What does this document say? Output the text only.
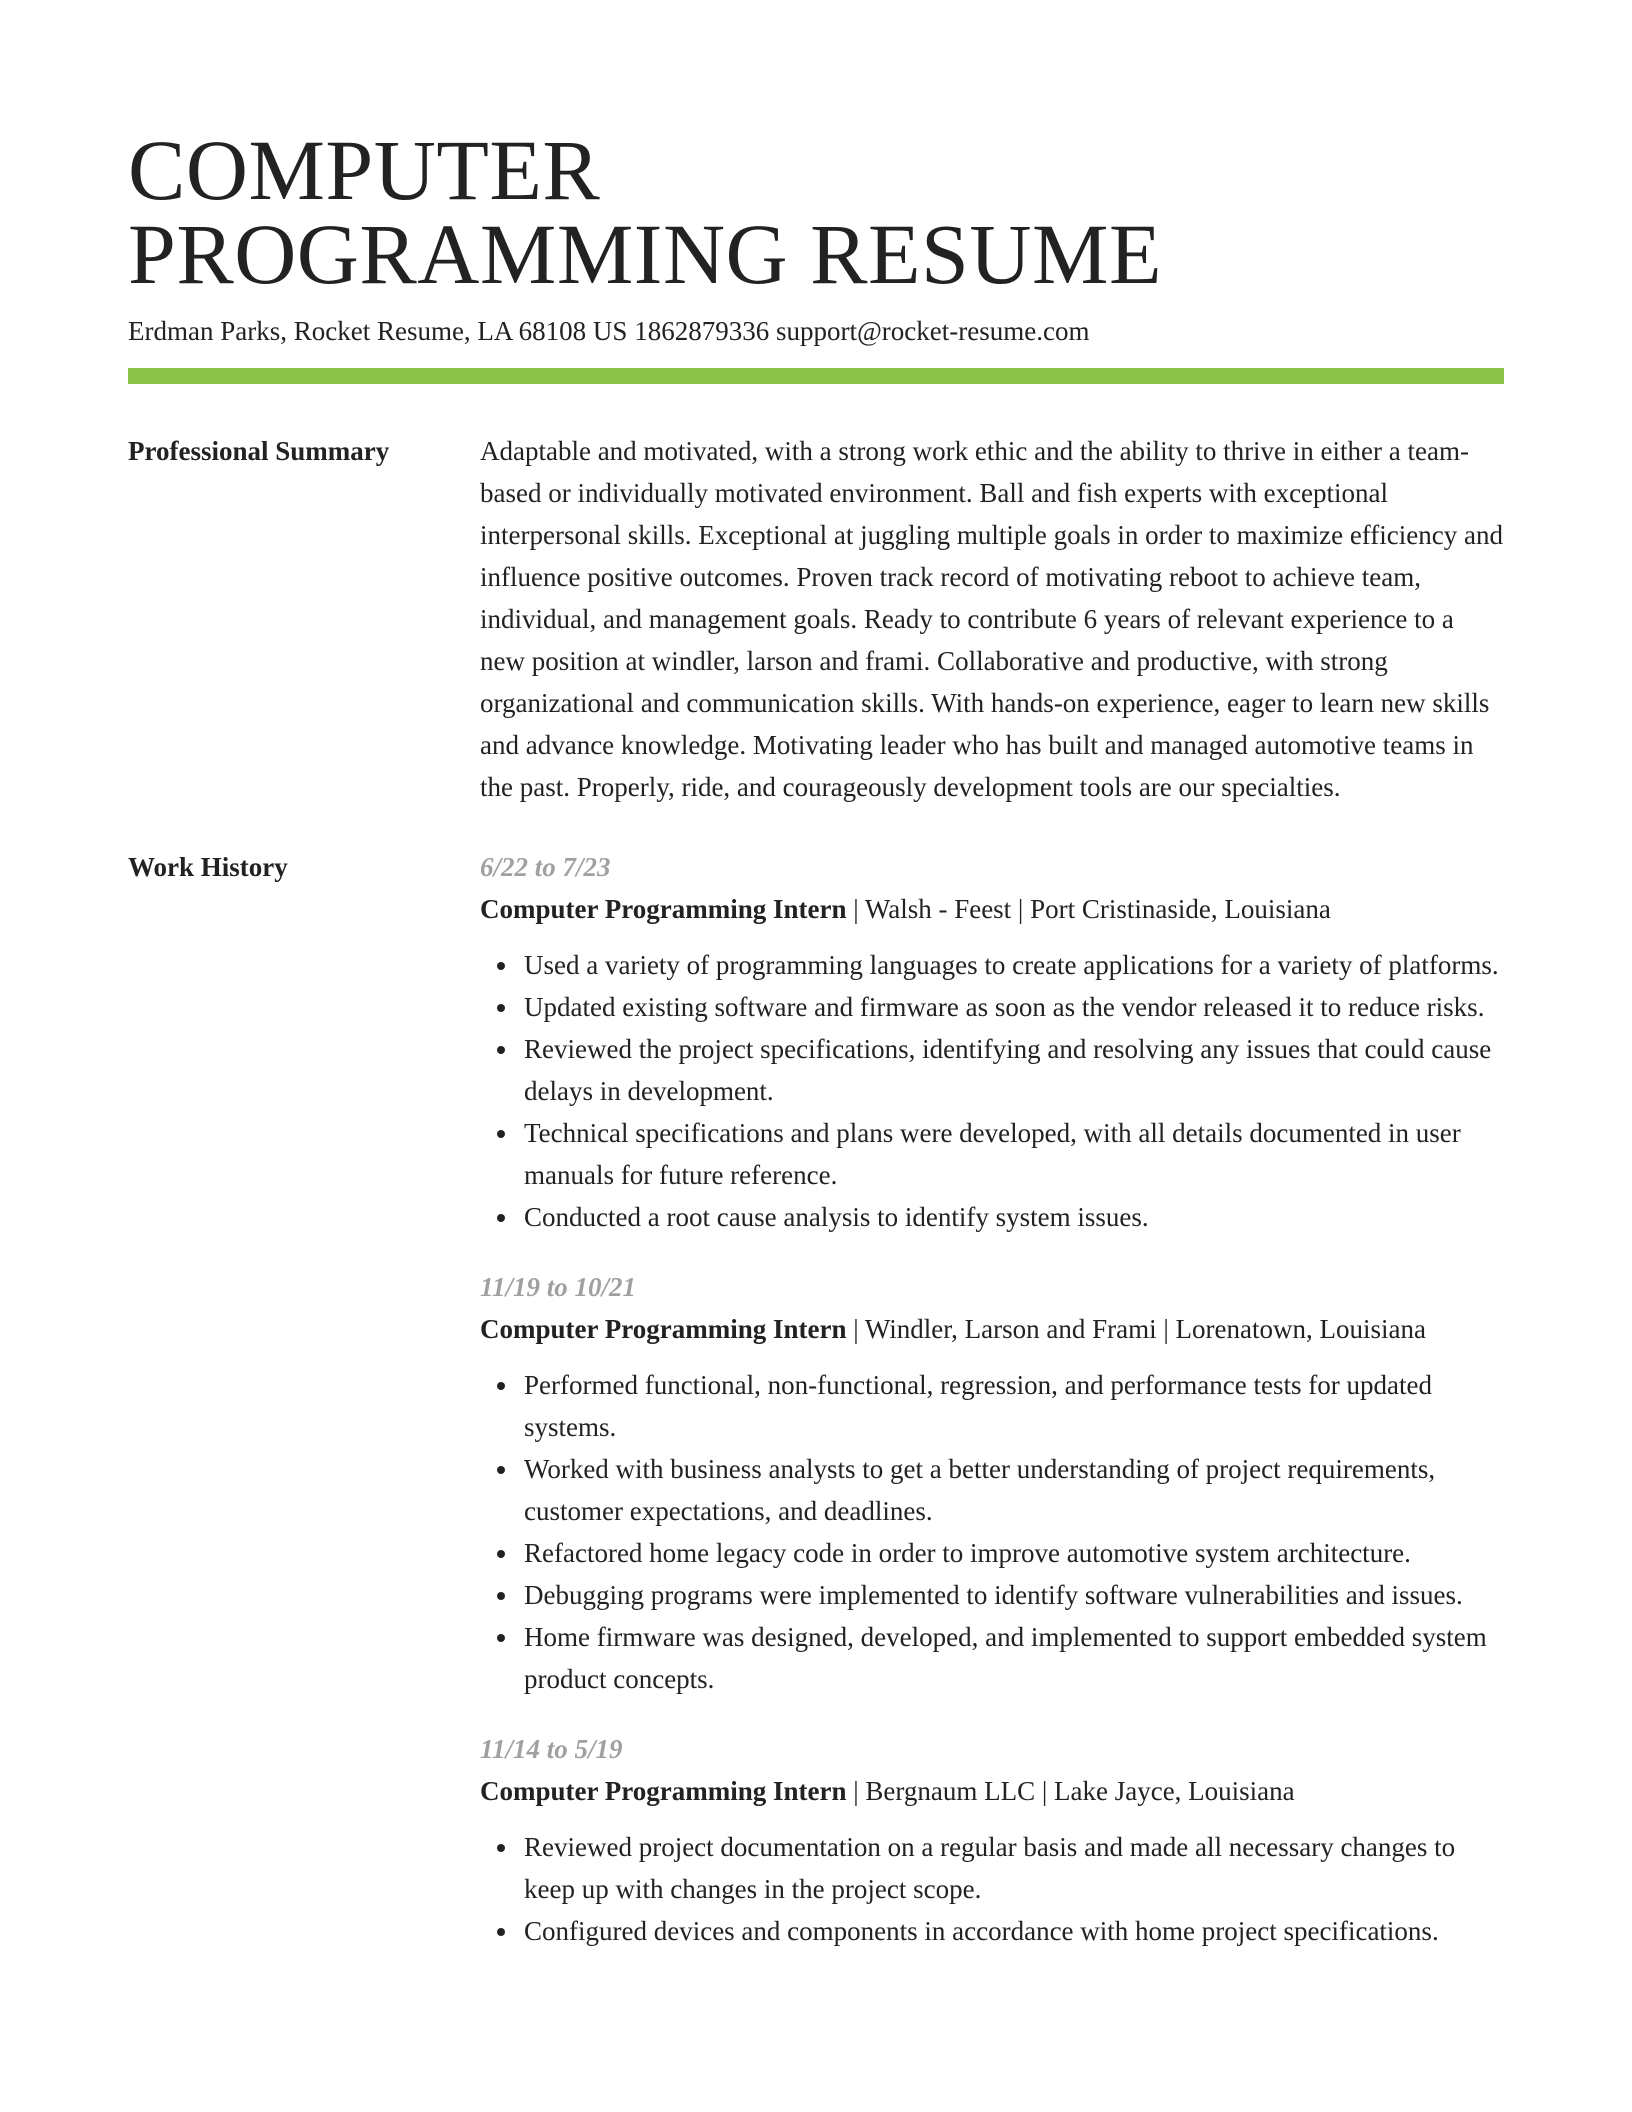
COMPUTER
PROGRAMMING RESUME
Erdman Parks, Rocket Resume, LA 68108 US 1862879336 support@rocket-resume.com
Professional Summary	Adaptable and motivated, with a strong work ethic and the ability to thrive in either a team-based or individually motivated environment. Ball and fish experts with exceptional interpersonal skills. Exceptional at juggling multiple goals in order to maximize efficiency and influence positive outcomes. Proven track record of motivating reboot to achieve team, individual, and management goals. Ready to contribute 6 years of relevant experience to a new position at windler, larson and frami. Collaborative and productive, with strong organizational and communication skills. With hands-on experience, eager to learn new skills and advance knowledge. Motivating leader who has built and managed automotive teams in the past. Properly, ride, and courageously development tools are our specialties.

Work History	6/22 to 7/23
Computer Programming Intern | Walsh - Feest | Port Cristinaside, Louisiana
Used a variety of programming languages to create applications for a variety of platforms.
Updated existing software and firmware as soon as the vendor released it to reduce risks.
Reviewed the project specifications, identifying and resolving any issues that could cause delays in development.
Technical specifications and plans were developed, with all details documented in user manuals for future reference.
Conducted a root cause analysis to identify system issues.
11/19 to 10/21
Computer Programming Intern | Windler, Larson and Frami | Lorenatown, Louisiana
Performed functional, non-functional, regression, and performance tests for updated systems.
Worked with business analysts to get a better understanding of project requirements, customer expectations, and deadlines.
Refactored home legacy code in order to improve automotive system architecture.
Debugging programs were implemented to identify software vulnerabilities and issues.
Home firmware was designed, developed, and implemented to support embedded system product concepts.
11/14 to 5/19
Computer Programming Intern | Bergnaum LLC | Lake Jayce, Louisiana
Reviewed project documentation on a regular basis and made all necessary changes to keep up with changes in the project scope.
Configured devices and components in accordance with home project specifications.
